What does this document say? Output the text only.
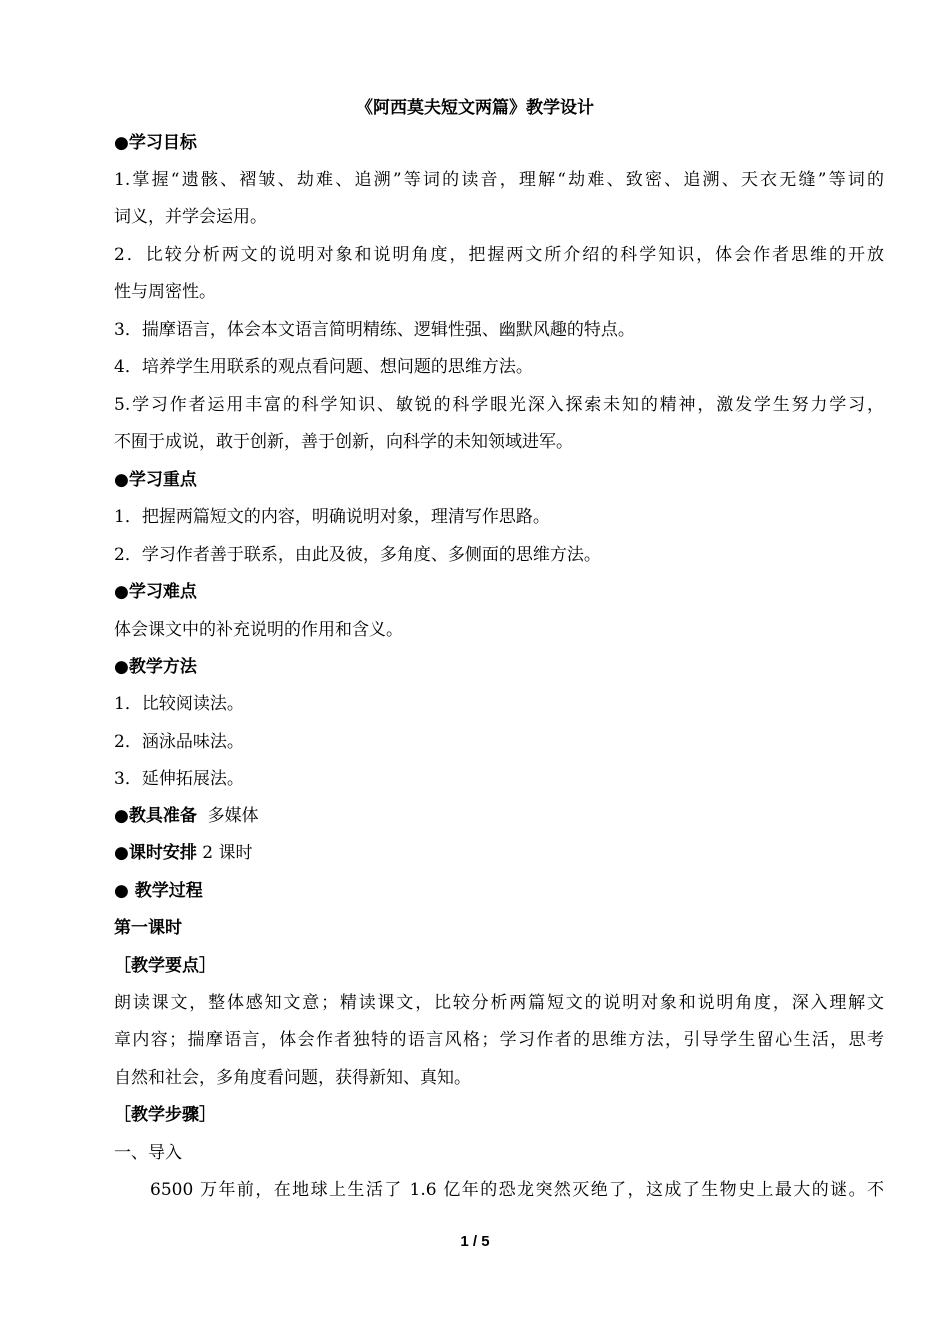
《阿西莫夫短文两篇》教学设计
●学习目标
1.掌握“遗骸、褶皱、劫难、追溯”等词的读音，理解“劫难、致密、追溯、天衣无缝”等词的
词义，并学会运用。
2．比较分析两文的说明对象和说明角度，把握两文所介绍的科学知识，体会作者思维的开放
性与周密性。
3．揣摩语言，体会本文语言简明精练、逻辑性强、幽默风趣的特点。
4．培养学生用联系的观点看问题、想问题的思维方法。
5.学习作者运用丰富的科学知识、敏锐的科学眼光深入探索未知的精神，激发学生努力学习，
不囿于成说，敢于创新，善于创新，向科学的未知领域进军。
●学习重点
1．把握两篇短文的内容，明确说明对象，理清写作思路。
2．学习作者善于联系，由此及彼，多角度、多侧面的思维方法。
●学习难点
体会课文中的补充说明的作用和含义。
●教学方法
1．比较阅读法。
2．涵泳品味法。
3．延伸拓展法。
●教具准备 多媒体
●课时安排 2 课时
● 教学过程
第一课时
［教学要点］
朗读课文，整体感知文意；精读课文，比较分析两篇短文的说明对象和说明角度，深入理解文
章内容；揣摩语言，体会作者独特的语言风格；学习作者的思维方法，引导学生留心生活，思考
自然和社会，多角度看问题，获得新知、真知。
［教学步骤］
一、导入
6500 万年前，在地球上生活了 1.6 亿年的恐龙突然灭绝了，这成了生物史上最大的谜。不
1 / 5
